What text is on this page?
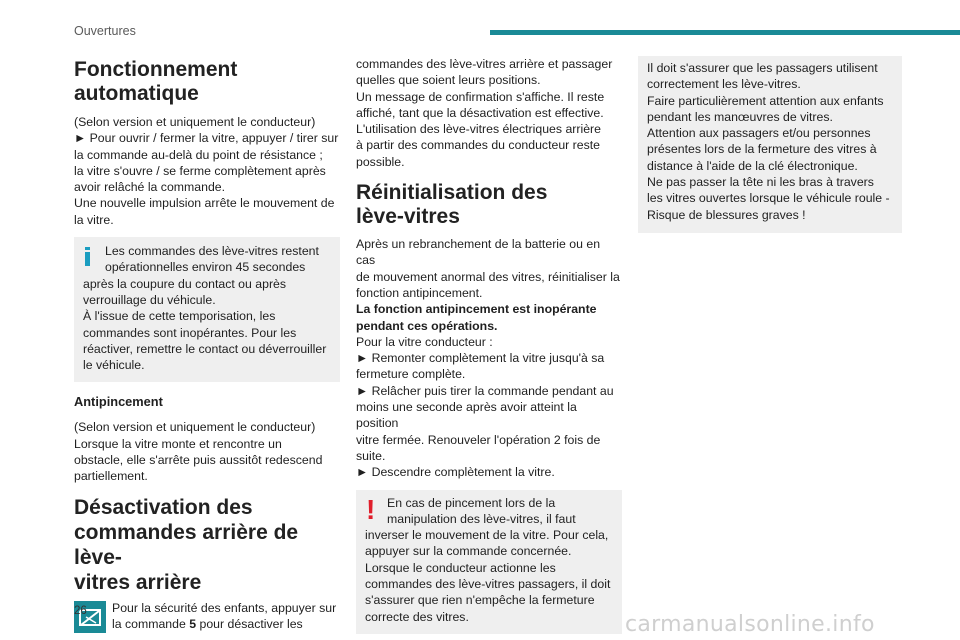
Ouvertures
Fonctionnement
automatique

(Selon version et uniquement le conducteur)

► Pour ouvrir / fermer la vitre, appuyer / tirer sur

la commande au-delà du point de résistance ;

la vitre s'ouvre / se ferme complètement après

avoir relâché la commande.

Une nouvelle impulsion arrête le mouvement de

la vitre.

Les commandes des lève-vitres restent

opérationnelles environ 45 secondes

après la coupure du contact ou après

verrouillage du véhicule.

À l'issue de cette temporisation, les

commandes sont inopérantes. Pour les

réactiver, remettre le contact ou déverrouiller

le véhicule.

Antipincement

(Selon version et uniquement le conducteur)

Lorsque la vitre monte et rencontre un

obstacle, elle s'arrête puis aussitôt redescend

partiellement.

Désactivation des
commandes arrière de lève-
vitres arrière

Pour la sécurité des enfants, appuyer sur

la commande 5 pour désactiver les

commandes des lève-vitres arrière et passager

quelles que soient leurs positions.

Un message de confirmation s'affiche. Il reste

affiché, tant que la désactivation est effective.

L'utilisation des lève-vitres électriques arrière

à partir des commandes du conducteur reste

possible.

Réinitialisation des
lève-vitres

Après un rebranchement de la batterie ou en cas

de mouvement anormal des vitres, réinitialiser la

fonction antipincement.

La fonction antipincement est inopérante

pendant ces opérations.

Pour la vitre conducteur :

► Remonter complètement la vitre jusqu'à sa

fermeture complète.

► Relâcher puis tirer la commande pendant au

moins une seconde après avoir atteint la position

vitre fermée. Renouveler l'opération 2 fois de

suite.

► Descendre complètement la vitre.

! En cas de pincement lors de la

manipulation des lève-vitres, il faut

inverser le mouvement de la vitre. Pour cela,

appuyer sur la commande concernée.

Lorsque le conducteur actionne les

commandes des lève-vitres passagers, il doit

s'assurer que rien n'empêche la fermeture

correcte des vitres.

Il doit s'assurer que les passagers utilisent

correctement les lève-vitres.

Faire particulièrement attention aux enfants

pendant les manœuvres de vitres.

Attention aux passagers et/ou personnes

présentes lors de la fermeture des vitres à

distance à l'aide de la clé électronique.

Ne pas passer la tête ni les bras à travers

les vitres ouvertes lorsque le véhicule roule -

Risque de blessures graves !

26
carmanualsonline.info
